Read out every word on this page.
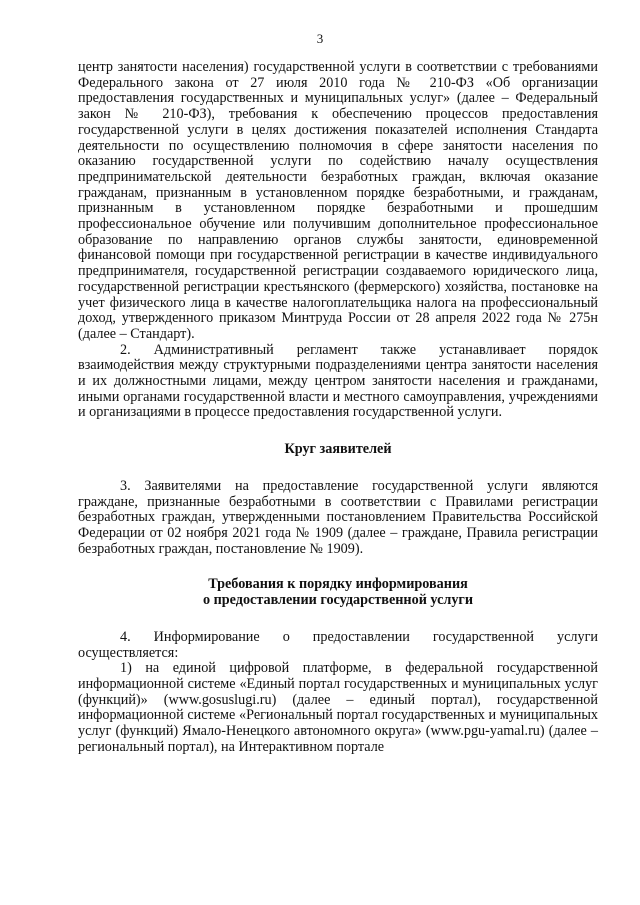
3

центр занятости населения) государственной услуги в соответствии с требованиями Федерального закона от 27 июля 2010 года № 210-ФЗ «Об организации предоставления государственных и муниципальных услуг» (далее – Федеральный закон № 210-ФЗ), требования к обеспечению процессов предоставления государственной услуги в целях достижения показателей исполнения Стандарта деятельности по осуществлению полномочия в сфере занятости населения по оказанию государственной услуги по содействию началу осуществления предпринимательской деятельности безработных граждан, включая оказание гражданам, признанным в установленном порядке безработными, и гражданам, признанным в установленном порядке безработными и прошедшим профессиональное обучение или получившим дополнительное профессиональное образование по направлению органов службы занятости, единовременной финансовой помощи при государственной регистрации в качестве индивидуального предпринимателя, государственной регистрации создаваемого юридического лица, государственной регистрации крестьянского (фермерского) хозяйства, постановке на учет физического лица в качестве налогоплательщика налога на профессиональный доход, утвержденного приказом Минтруда России от 28 апреля 2022 года № 275н (далее – Стандарт).

2. Административный регламент также устанавливает порядок взаимодействия между структурными подразделениями центра занятости населения и их должностными лицами, между центром занятости населения и гражданами, иными органами государственной власти и местного самоуправления, учреждениями и организациями в процессе предоставления государственной услуги.

Круг заявителей

3. Заявителями на предоставление государственной услуги являются граждане, признанные безработными в соответствии с Правилами регистрации безработных граждан, утвержденными постановлением Правительства Российской Федерации от 02 ноября 2021 года № 1909 (далее – граждане, Правила регистрации безработных граждан, постановление № 1909).

Требования к порядку информирования
о предоставлении государственной услуги

4. Информирование о предоставлении государственной услуги осуществляется:

1) на единой цифровой платформе, в федеральной государственной информационной системе «Единый портал государственных и муниципальных услуг (функций)» (www.gosuslugi.ru) (далее – единый портал), государственной информационной системе «Региональный портал государственных и муниципальных услуг (функций) Ямало-Ненецкого автономного округа» (www.pgu-yamal.ru) (далее – региональный портал), на Интерактивном портале
